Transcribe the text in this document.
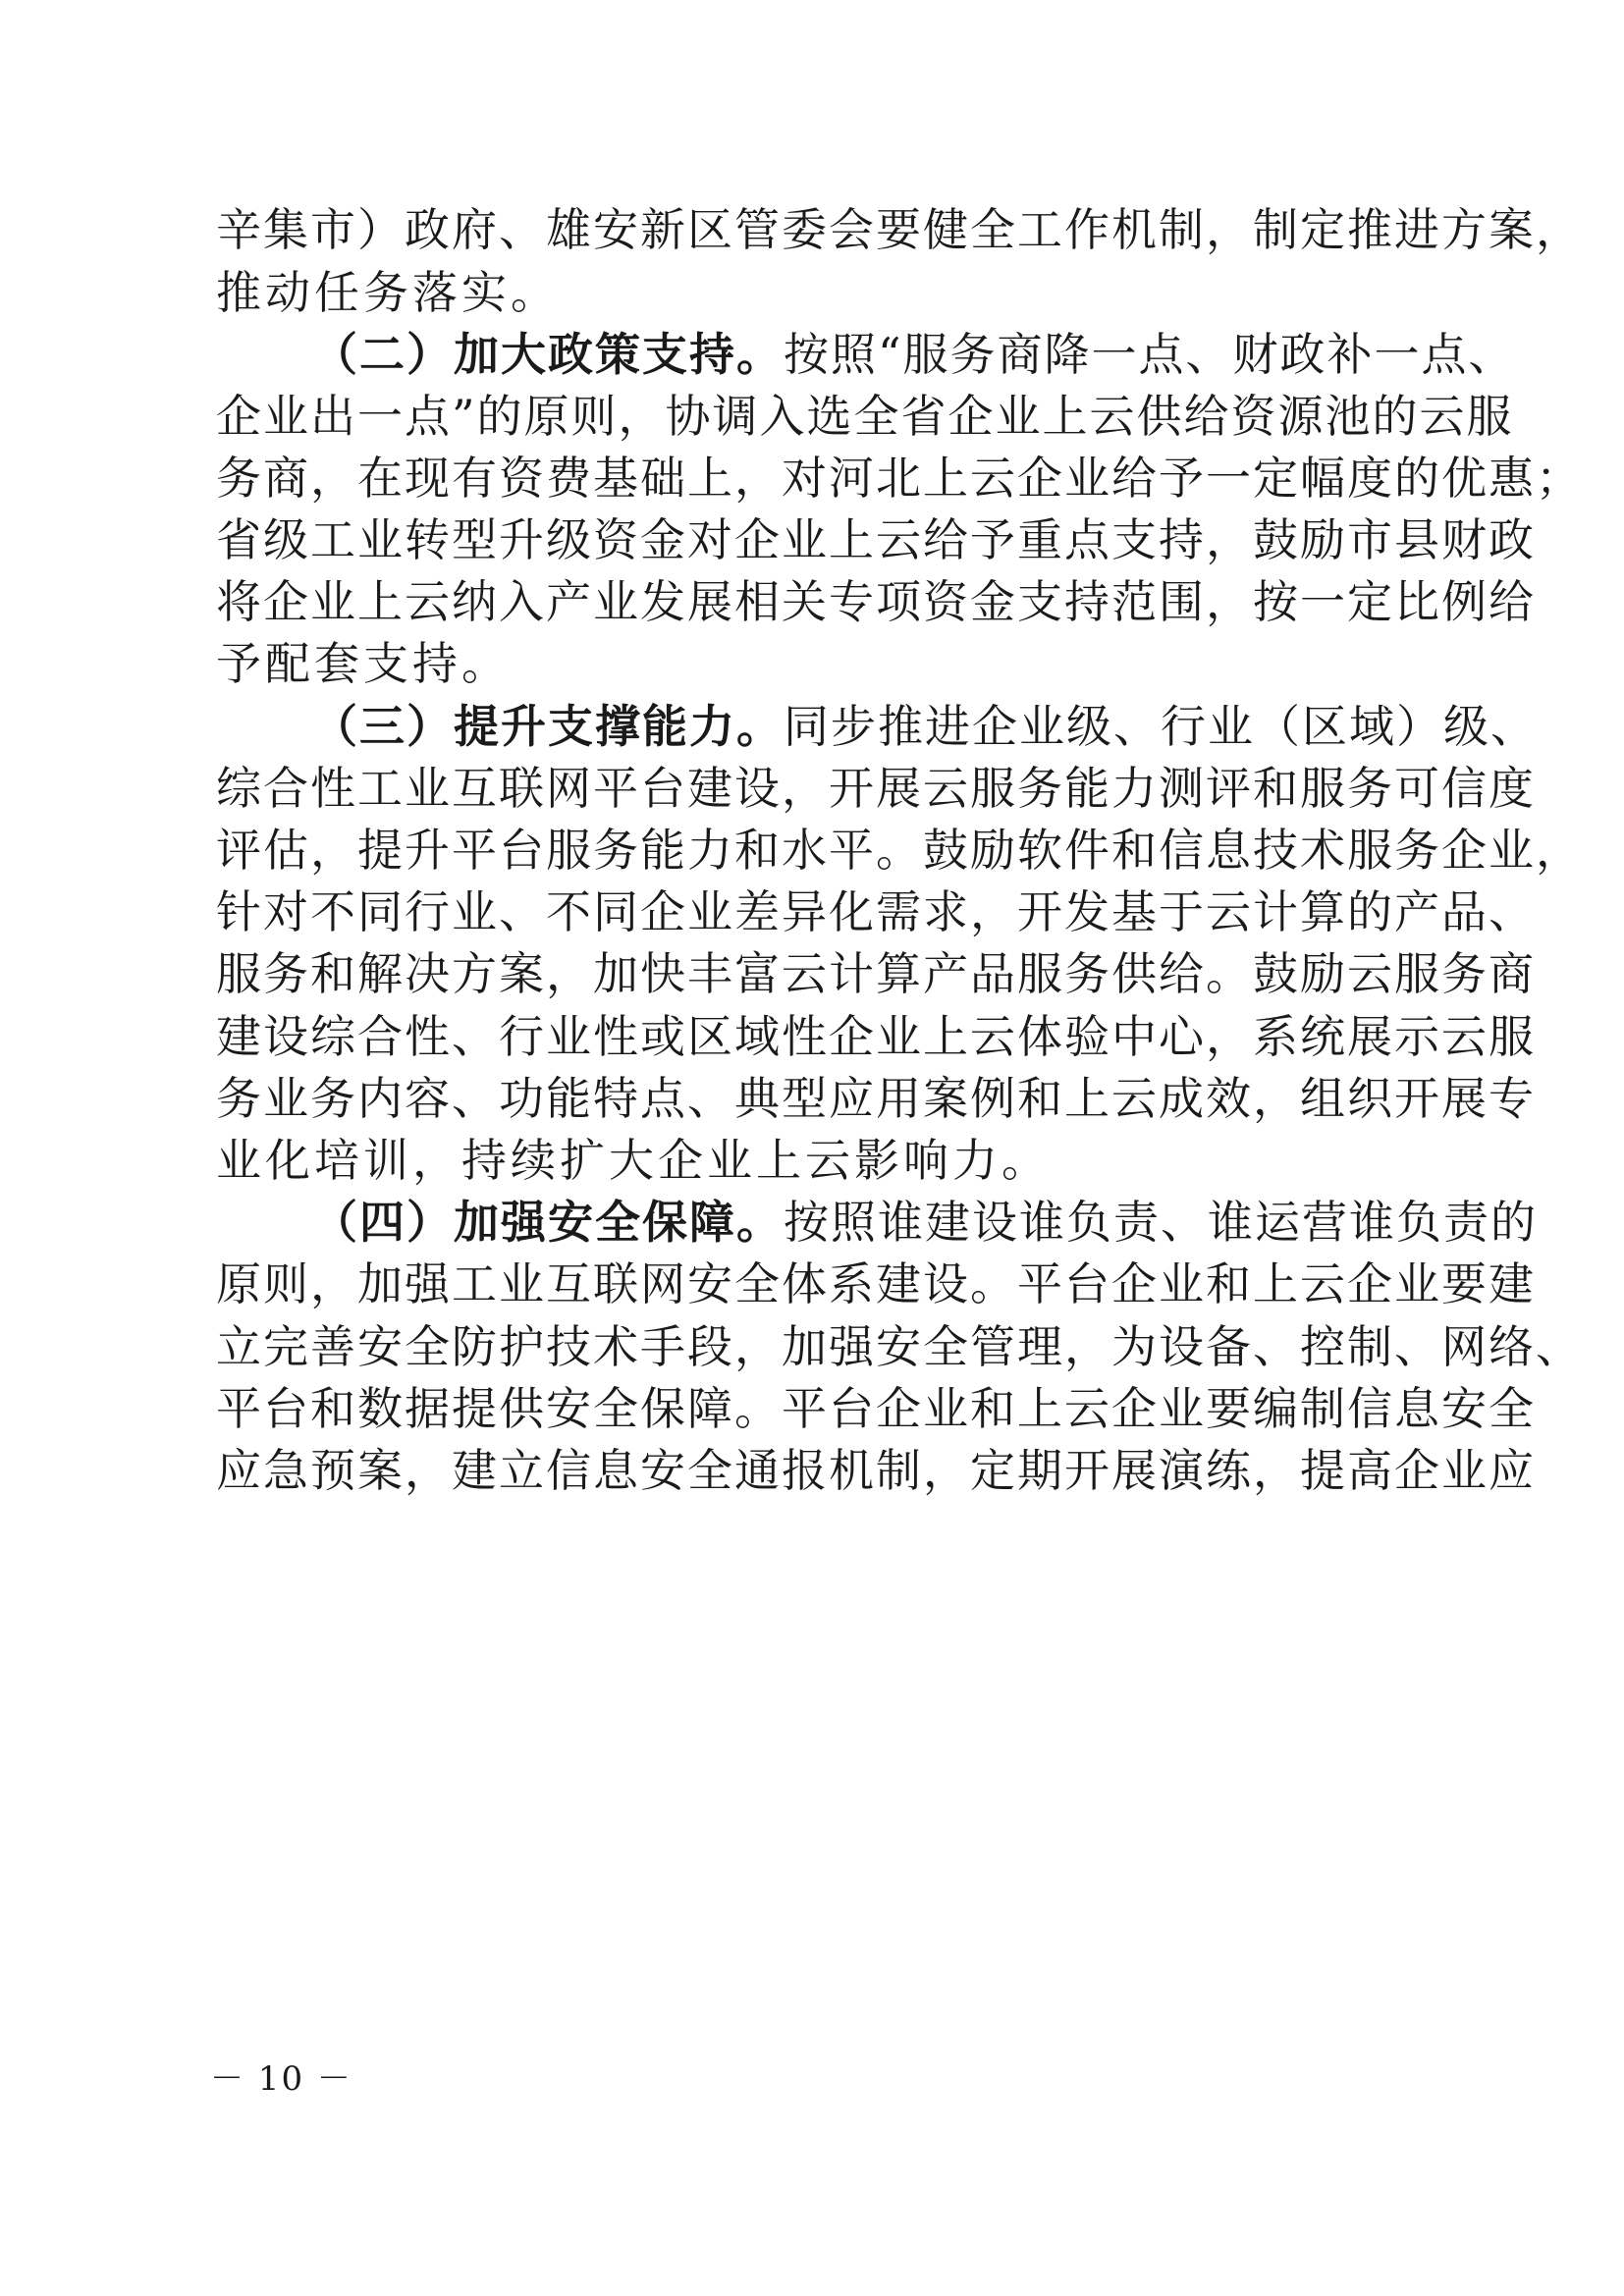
辛集市）政府、雄安新区管委会要健全工作机制，制定推进方案，
推动任务落实。
（二）加大政策支持。按照“服务商降一点、财政补一点、
企业出一点”的原则，协调入选全省企业上云供给资源池的云服
务商，在现有资费基础上，对河北上云企业给予一定幅度的优惠；
省级工业转型升级资金对企业上云给予重点支持，鼓励市县财政
将企业上云纳入产业发展相关专项资金支持范围，按一定比例给
予配套支持。
（三）提升支撑能力。同步推进企业级、行业（区域）级、
综合性工业互联网平台建设，开展云服务能力测评和服务可信度
评估，提升平台服务能力和水平。鼓励软件和信息技术服务企业，
针对不同行业、不同企业差异化需求，开发基于云计算的产品、
服务和解决方案，加快丰富云计算产品服务供给。鼓励云服务商
建设综合性、行业性或区域性企业上云体验中心，系统展示云服
务业务内容、功能特点、典型应用案例和上云成效，组织开展专
业化培训，持续扩大企业上云影响力。
（四）加强安全保障。按照谁建设谁负责、谁运营谁负责的
原则，加强工业互联网安全体系建设。平台企业和上云企业要建
立完善安全防护技术手段，加强安全管理，为设备、控制、网络、
平台和数据提供安全保障。平台企业和上云企业要编制信息安全
应急预案，建立信息安全通报机制，定期开展演练，提高企业应
－ 10 －
